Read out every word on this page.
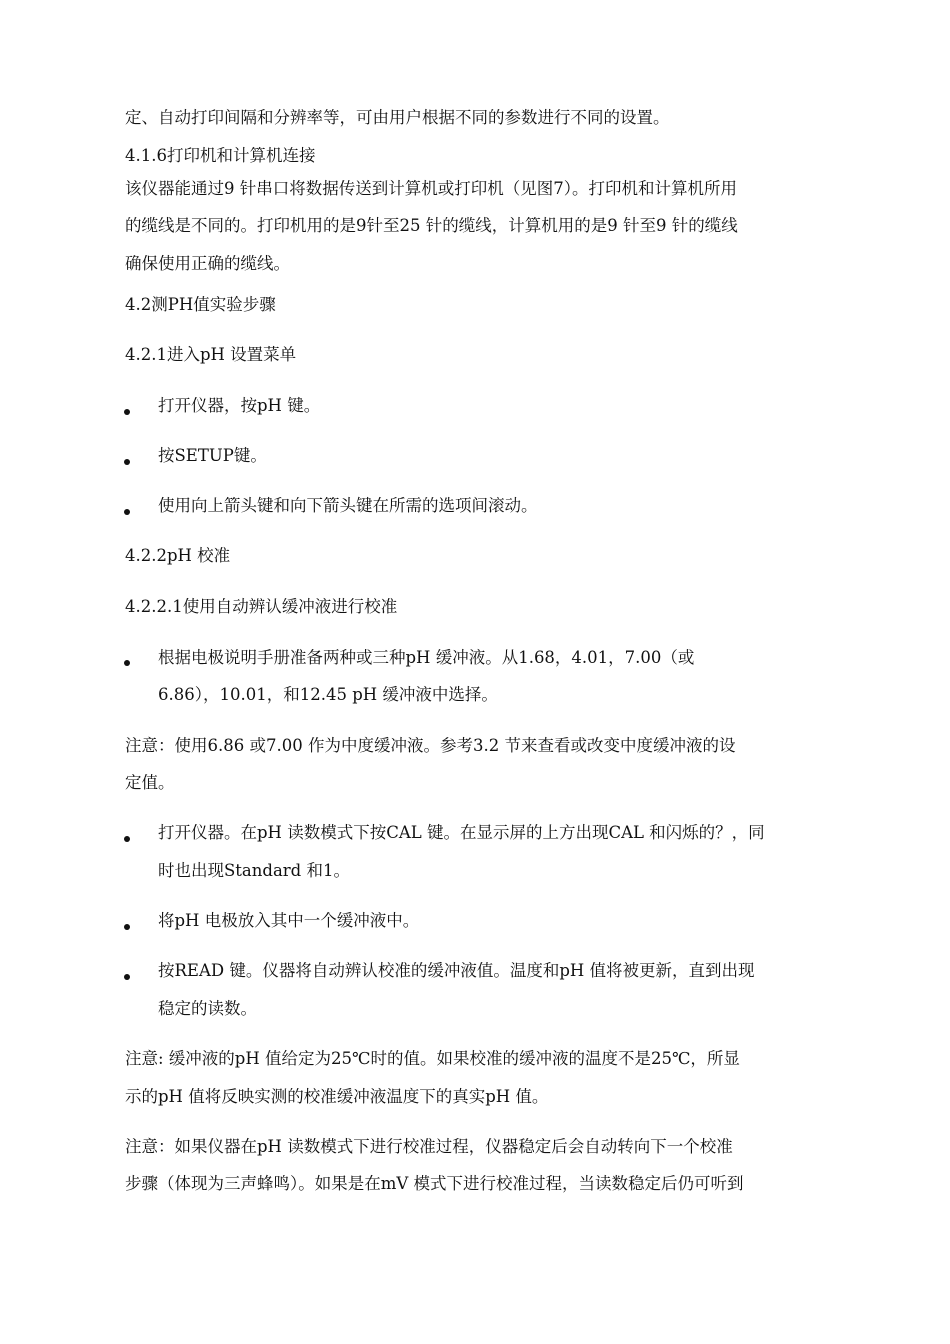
定、自动打印间隔和分辨率等，可由用户根据不同的参数进行不同的设置。
4.1.6打印机和计算机连接
该仪器能通过9 针串口将数据传送到计算机或打印机（见图7）。打印机和计算机所用
的缆线是不同的。打印机用的是9针至25 针的缆线，计算机用的是9 针至9 针的缆线
确保使用正确的缆线。
4.2测PH值实验步骤
4.2.1进入pH 设置菜单
打开仪器，按pH 键。
按SETUP键。
使用向上箭头键和向下箭头键在所需的选项间滚动。
4.2.2pH 校准
4.2.2.1使用自动辨认缓冲液进行校准
根据电极说明手册准备两种或三种pH 缓冲液。从1.68，4.01，7.00（或
6.86），10.01，和12.45 pH 缓冲液中选择。
注意：使用6.86 或7.00 作为中度缓冲液。参考3.2 节来查看或改变中度缓冲液的设
定值。
打开仪器。在pH 读数模式下按CAL 键。在显示屏的上方出现CAL 和闪烁的？，同
时也出现Standard 和1。
将pH 电极放入其中一个缓冲液中。
按READ 键。仪器将自动辨认校准的缓冲液值。温度和pH 值将被更新，直到出现
稳定的读数。
注意: 缓冲液的pH 值给定为25℃时的值。如果校准的缓冲液的温度不是25℃，所显
示的pH 值将反映实测的校准缓冲液温度下的真实pH 值。
注意：如果仪器在pH 读数模式下进行校准过程，仪器稳定后会自动转向下一个校准
步骤（体现为三声蜂鸣）。如果是在mV 模式下进行校准过程，当读数稳定后仍可听到
